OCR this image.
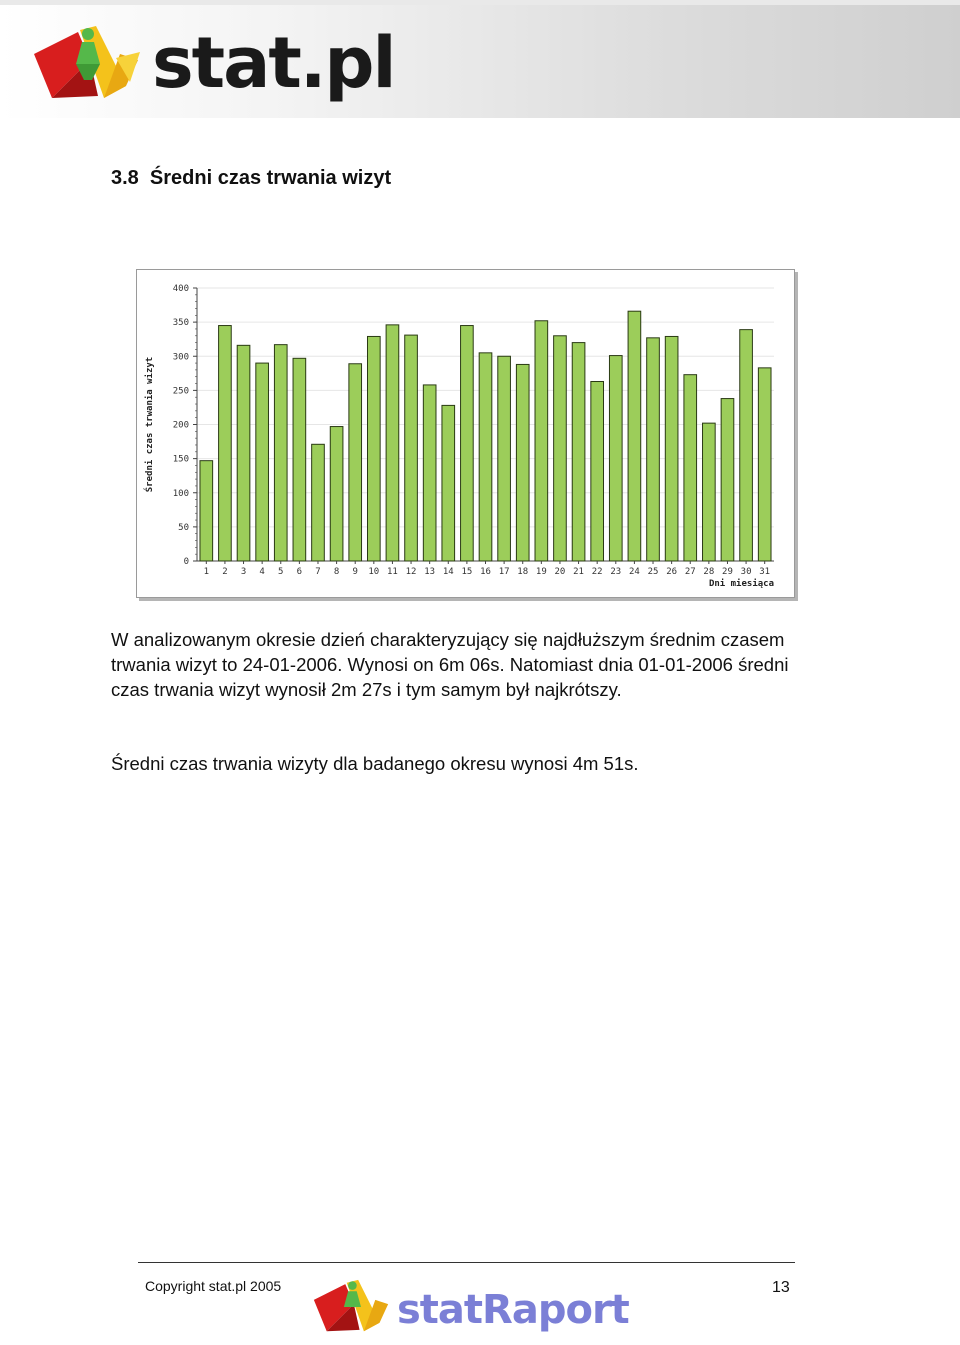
stat.pl
3.8  Średni czas trwania wizyt
0
50
100
150
200
250
300
350
400
1 2 3 4 5 6 7 8 9 10 11 12 13 14 15 16 17 18 19 20 21 22 23 24 25 26 27 28 29 30 31
Średni czas trwania wizyt
Dni miesiąca
W analizowanym okresie dzień charakteryzujący się najdłuższym średnim czasem trwania wizyt to 24-01-2006. Wynosi on 6m 06s. Natomiast dnia 01-01-2006 średni czas trwania wizyt wynosił 2m 27s i tym samym był najkrótszy.
Średni czas trwania wizyty dla badanego okresu wynosi 4m 51s.
Copyright stat.pl 2005
statRaport	13
